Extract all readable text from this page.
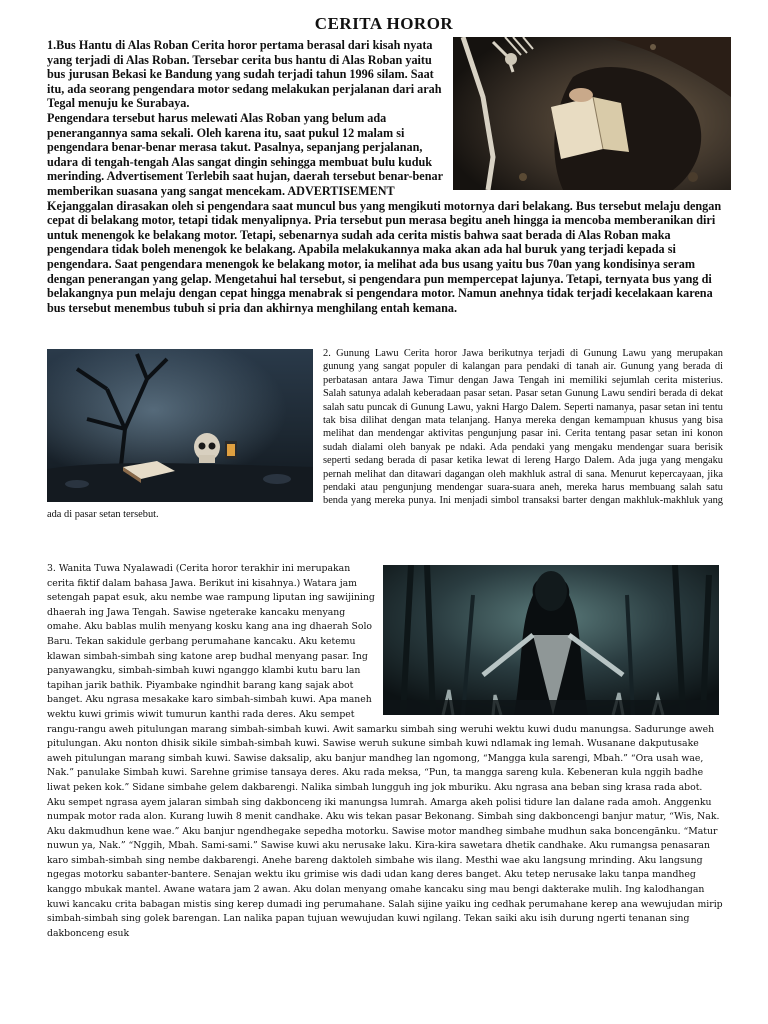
CERITA HOROR

1.Bus Hantu di Alas Roban Cerita horor pertama berasal dari kisah nyata yang terjadi di Alas Roban. Tersebar cerita bus hantu di Alas Roban yaitu bus jurusan Bekasi ke Bandung yang sudah terjadi tahun 1996 silam. Saat itu, ada seorang pengendara motor sedang melakukan perjalanan dari arah Tegal menuju ke Surabaya.

Pengendara tersebut harus melewati Alas Roban yang belum ada penerangannya sama sekali. Oleh karena itu, saat pukul 12 malam si pengendara benar-benar merasa takut. Pasalnya, sepanjang perjalanan, udara di tengah-tengah Alas sangat dingin sehingga membuat bulu kuduk merinding. Advertisement Terlebih saat hujan, daerah tersebut benar-benar memberikan suasana yang sangat mencekam. ADVERTISEMENT Kejanggalan dirasakan oleh si pengendara saat muncul bus yang mengikuti motornya dari belakang. Bus tersebut melaju dengan cepat di belakang motor, tetapi tidak menyalipnya. Pria tersebut pun merasa begitu aneh hingga ia mencoba memberanikan diri untuk menengok ke belakang motor. Tetapi, sebenarnya sudah ada cerita mistis bahwa saat berada di Alas Roban maka pengendara tidak boleh menengok ke belakang. Apabila melakukannya maka akan ada hal buruk yang terjadi kepada si pengendara. Saat pengendara menengok ke belakang motor, ia melihat ada bus usang yaitu bus 70an yang kondisinya seram dengan penerangan yang gelap. Mengetahui hal tersebut, si pengendara pun mempercepat lajunya. Tetapi, ternyata bus yang di belakangnya pun melaju dengan cepat hingga menabrak si pengendara motor. Namun anehnya tidak terjadi kecelakaan karena bus tersebut menembus tubuh si pria dan akhirnya menghilang entah kemana.

2. Gunung Lawu Cerita horor Jawa berikutnya terjadi di Gunung Lawu yang merupakan gunung yang sangat populer di kalangan para pendaki di tanah air. Gunung yang berada di perbatasan antara Jawa Timur dengan Jawa Tengah ini memiliki sejumlah cerita misterius. Salah satunya adalah keberadaan pasar setan. Pasar setan Gunung Lawu sendiri berada di dekat salah satu puncak di Gunung Lawu, yakni Hargo Dalem. Seperti namanya, pasar setan ini tentu tak bisa dilihat dengan mata telanjang. Hanya mereka dengan kemampuan khusus yang bisa melihat dan mendengar aktivitas pengunjung pasar ini. Cerita tentang pasar setan ini konon sudah dialami oleh banyak pe ndaki. Ada pendaki yang mengaku mendengar suara berisik seperti sedang berada di pasar ketika lewat di lereng Hargo Dalem. Ada juga yang mengaku pernah melihat dan ditawari dagangan oleh makhluk astral di sana. Menurut kepercayaan, jika pendaki atau pengunjung mendengar suara-suara aneh, mereka harus membuang salah satu benda yang mereka punya. Ini menjadi simbol transaksi barter dengan makhluk-makhluk yang ada di pasar setan tersebut.

3. Wanita Tuwa Nyalawadi (Cerita horor terakhir ini merupakan cerita fiktif dalam bahasa Jawa. Berikut ini kisahnya.) Watara jam setengah papat esuk, aku nembe wae rampung liputan ing sawijining dhaerah ing Jawa Tengah. Sawise ngeterake kancaku menyang omahe. Aku bablas mulih menyang kosku kang ana ing dhaerah Solo Baru. Tekan sakidule gerbang perumahane kancaku. Aku ketemu klawan simbah-simbah sing katone arep budhal menyang pasar. Ing panyawangku, simbah-simbah kuwi nganggo klambi kutu baru lan tapihan jarik bathik. Piyambake ngindhit barang kang sajak abot banget. Aku ngrasa mesakake karo simbah-simbah kuwi. Apa maneh wektu kuwi grimis wiwit tumurun kanthi rada deres. Aku sempet rangu-rangu aweh pitulungan marang simbah-simbah kuwi. Awit samarku simbah sing weruhi wektu kuwi dudu manungsa. Sadurunge aweh pitulungan. Aku nonton dhisik sikile simbah-simbah kuwi. Sawise weruh sukune simbah kuwi ndlamak ing lemah. Wusanane dakputusake aweh pitulungan marang simbah kuwi. Sawise daksalip, aku banjur mandheg lan ngomong, “Mangga kula sarengi, Mbah.” “Ora usah wae, Nak.” panulake Simbah kuwi. Sarehne grimise tansaya deres. Aku rada meksa, “Pun, ta mangga sareng kula. Kebeneran kula nggih badhe liwat peken kok.” Sidane simbahe gelem dakbarengi. Nalika simbah lungguh ing jok mburiku. Aku ngrasa ana beban sing krasa rada abot. Aku sempet ngrasa ayem jalaran simbah sing dakbonceng iki manungsa lumrah. Amarga akeh polisi tidure lan dalane rada amoh. Anggenku numpak motor rada alon. Kurang luwih 8 menit candhake. Aku wis tekan pasar Bekonang. Simbah sing dakboncengi banjur matur, “Wis, Nak. Aku dakmudhun kene wae.” Aku banjur ngendhegake sepedha motorku. Sawise motor mandheg simbahe mudhun saka boncengānku. “Matur nuwun ya, Nak.” “Nggih, Mbah. Sami-sami.” Sawise kuwi aku nerusake laku. Kira-kira sawetara dhetik candhake. Aku rumangsa penasaran karo simbah-simbah sing nembe dakbarengi. Anehe bareng daktoleh simbahe wis ilang. Mesthi wae aku langsung mrinding. Aku langsung ngegas motorku sabanter-bantere. Senajan wektu iku grimise wis dadi udan kang deres banget. Aku tetep nerusake laku tanpa mandheg kanggo mbukak mantel. Awane watara jam 2 awan. Aku dolan menyang omahe kancaku sing mau bengi dakterake mulih. Ing kalodhangan kuwi kancaku crita babagan mistis sing kerep dumadi ing perumahane. Salah sijine yaiku ing cedhak perumahane kerep ana wewujudan mirip simbah-simbah sing golek barengan. Lan nalika papan tujuan wewujudan kuwi ngilang. Tekan saiki aku isih durung ngerti tenanan sing dakbonceng esuk
